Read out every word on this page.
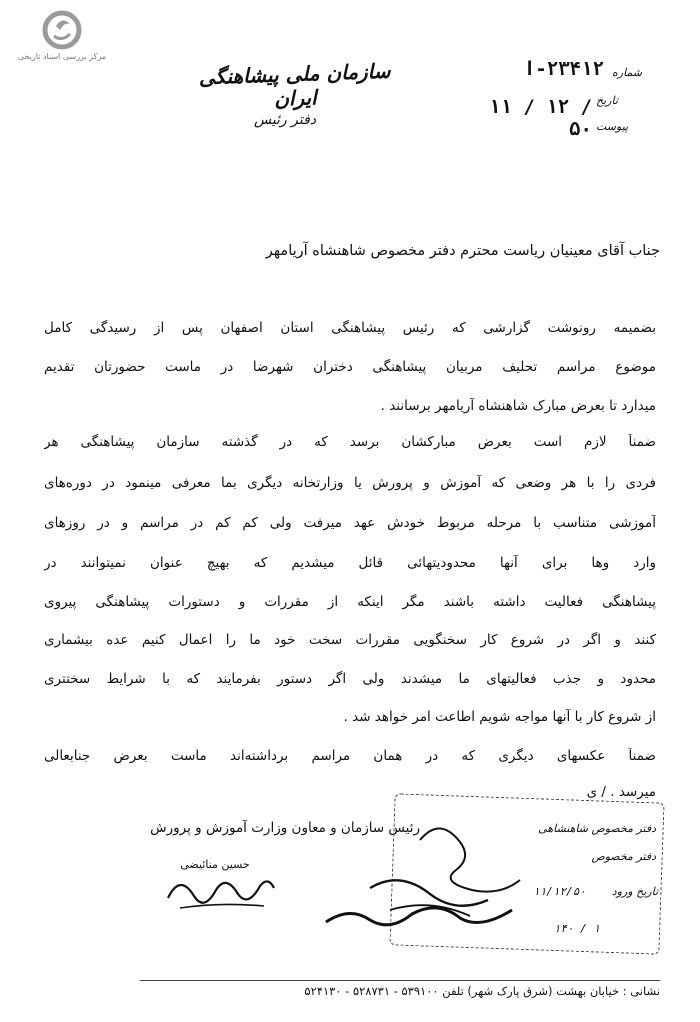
مرکز بررسی اسناد تاریخی
سازمان ملی پیشاهنگی ایران
دفتر رئیس
شماره
۲۳۴۱۲-ا
تاریخ
۱۱ / ۱۲ / ۵۰ پیوست
جناب آقای معینیان ریاست محترم دفتر مخصوص شاهنشاه آریامهر
بضمیمه رونوشت گزارشی که رئیس پیشاهنگی استان اصفهان پس از رسیدگی کامل
موضوع مراسم تحلیف مربیان پیشاهنگی دختران شهرضا در ماست حضورتان تقدیم
میدارد تا بعرض مبارک شاهنشاه آریامهر برسانند .
ضمناً لازم است بعرض مبارکشان برسد که در گذشته سازمان پیشاهنگی هر
فردی را با هر وضعی که آموزش و پرورش یا وزارتخانه دیگری بما معرفی مینمود در دوره‌های
آموزشی متناسب با مرحله مربوط خودش عهد میرفت ولی کم کم در مراسم و در روزهای
وارد وها برای آنها محدودیتهائی قائل میشدیم که بهیچ عنوان نمیتوانند در
پیشاهنگی فعالیت داشته باشند مگر اینکه از مقررات و دستورات پیشاهنگی پیروی
کنند و اگر در شروع کار سخنگویی مقررات سخت خود ما را اعمال کنیم عده بیشماری
محدود و جذب فعالیتهای ما میشدند ولی اگر دستور بفرمایند که با شرایط سختتری
از شروع کار با آنها مواجه شویم اطاعت امر خواهد شد .
ضمناً عکسهای دیگری که در همان مراسم برداشته‌اند ماست بعرض جنابعالی
میرسد . / ی
رئیس سازمان و معاون وزارت آموزش و پرورش
حسین منائیضی
دفتر مخصوص شاهنشاهی
دفتر مخصوص
تاریخ ورود
۱۱/۱۲/۵۰
۱۴۰ / ۱
نشانی : خیابان بهشت (شرق پارک شهر) تلفن ۵۳۹۱۰۰ - ۵۲۸۷۳۱ - ۵۲۴۱۳۰
